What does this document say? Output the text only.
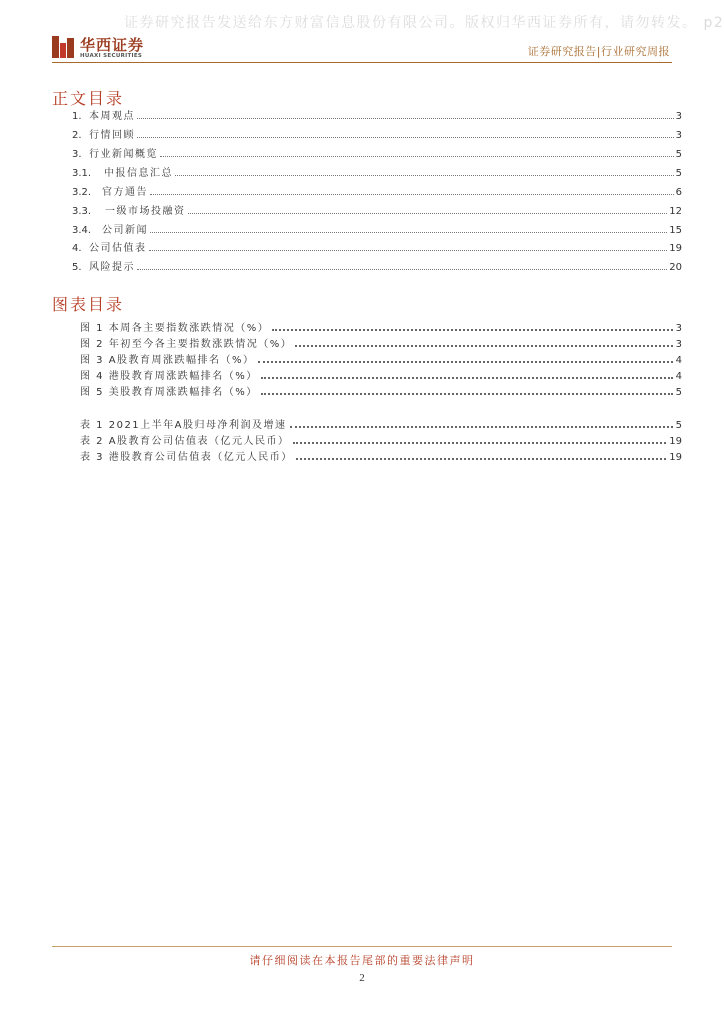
证券研究报告发送给东方财富信息股份有限公司。版权归华西证券所有，请勿转发。 p2
华西证券
HUAXI SECURITIES	证券研究报告|行业研究周报
正文目录
1. 本周观点	3
2. 行情回顾	3
3. 行业新闻概览	5
3.1.	中报信息汇总	5
3.2.	官方通告	6
3.3.	一级市场投融资	12
3.4.	公司新闻	15
4. 公司估值表	19
5. 风险提示	20
图表目录
图 1 本周各主要指数涨跌情况（%）	3
图 2 年初至今各主要指数涨跌情况（%）	3
图 3 A股教育周涨跌幅排名（%）	4
图 4 港股教育周涨跌幅排名（%）	4
图 5 美股教育周涨跌幅排名（%）	5
表 1 2021上半年A股归母净利润及增速	5
表 2 A股教育公司估值表（亿元人民币）	19
表 3 港股教育公司估值表（亿元人民币）	19
请仔细阅读在本报告尾部的重要法律声明
2
